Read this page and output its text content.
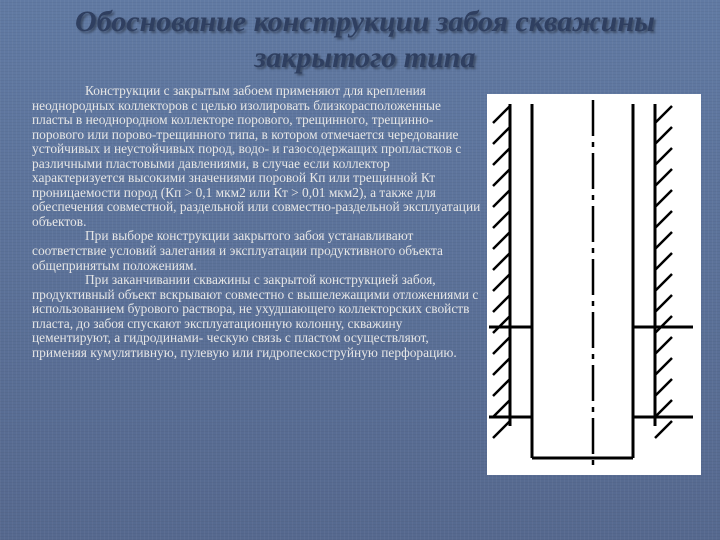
Обоснование конструкции забоя скважины
закрытого типа

Конструкции с закрытым забоем применяют для крепления неоднородных коллекторов с целью изолировать близкорасположенные пласты в неоднородном коллекторе порового, трещинного, трещинно-порового или порово-трещинного типа, в котором отмечается чередование устойчивых и неустойчивых пород, водо- и газосодержащих пропластков с различными пластовыми давлениями, в случае если коллектор характеризуется высокими значениями поровой Кп или трещинной Кт проницаемости пород (Кп > 0,1 мкм2 или Кт > 0,01 мкм2), а также для обеспечения совместной, раздельной или совместно-раздельной эксплуатации объектов.

При выборе конструкции закрытого забоя устанавливают соответствие условий залегания и эксплуатации продуктивного объекта общепринятым положениям.

При заканчивании скважины с закрытой конструкцией забоя, продуктивный объект вскрывают совместно с вышележащими отложениями с использованием бурового раствора, не ухудшающего коллекторских свойств пласта, до забоя спускают эксплуатационную колонну, скважину цементируют, а гидродинами- ческую связь с пластом осуществляют, применяя кумулятивную, пулевую или гидропескоструйную перфорацию.
